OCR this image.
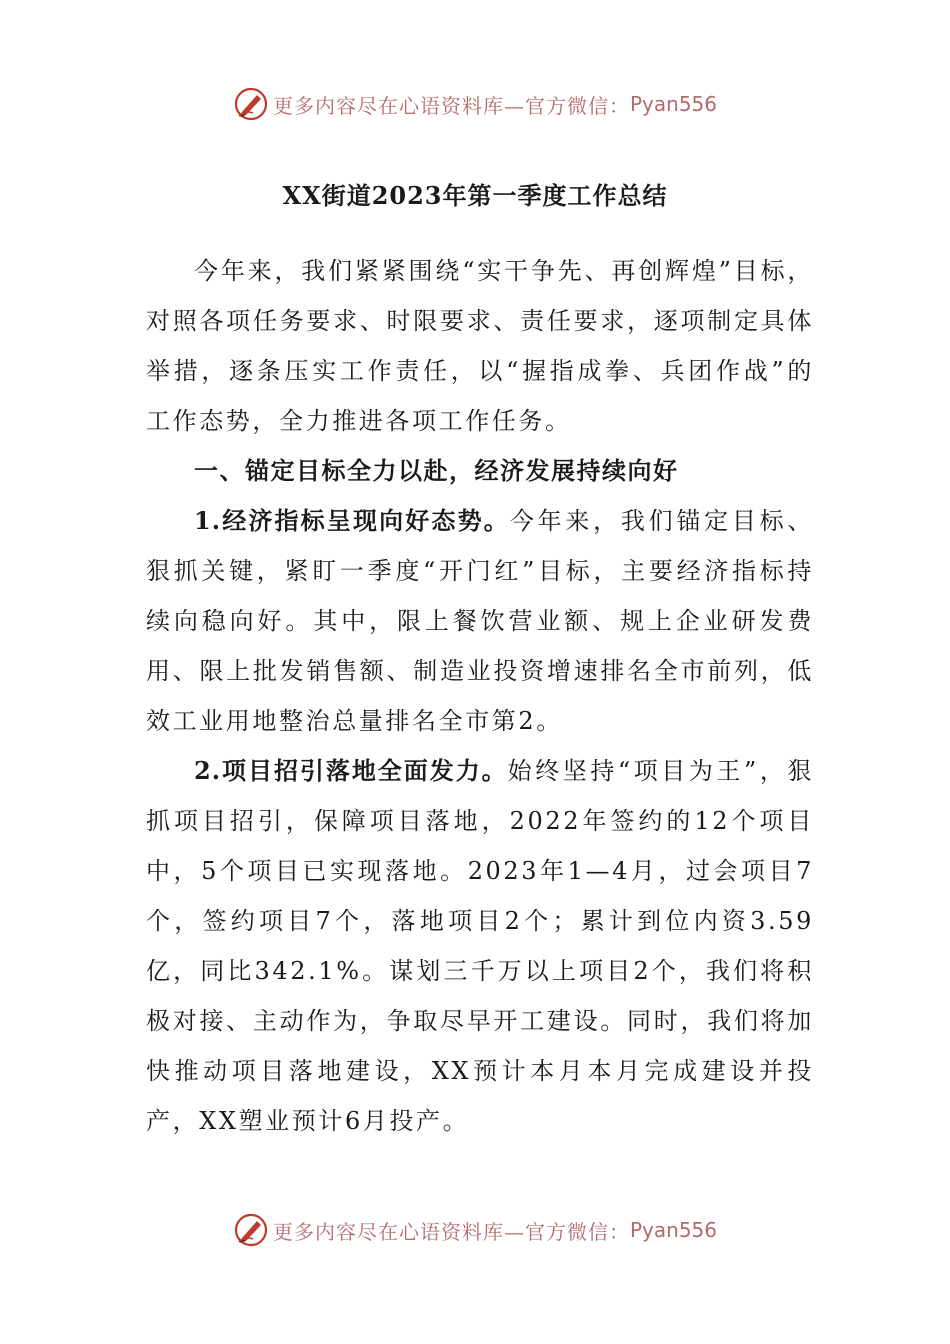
更多内容尽在心语资料库—官方微信： Pyan556
XX街道2023年第一季度工作总结

今年来，我们紧紧围绕“实干争先、再创辉煌”目标，对照各项任务要求、时限要求、责任要求，逐项制定具体举措，逐条压实工作责任，以“握指成拳、兵团作战”的工作态势，全力推进各项工作任务。

一、锚定目标全力以赴，经济发展持续向好

1.经济指标呈现向好态势。今年来，我们锚定目标、狠抓关键，紧盯一季度“开门红”目标，主要经济指标持续向稳向好。其中，限上餐饮营业额、规上企业研发费用、限上批发销售额、制造业投资增速排名全市前列，低效工业用地整治总量排名全市第2。

2.项目招引落地全面发力。始终坚持“项目为王”，狠抓项目招引，保障项目落地，2022年签约的12个项目中，5个项目已实现落地。2023年1—4月，过会项目7个，签约项目7个，落地项目2个；累计到位内资3.59亿，同比342.1%。谋划三千万以上项目2个，我们将积极对接、主动作为，争取尽早开工建设。同时，我们将加快推动项目落地建设，XX预计本月本月完成建设并投产，XX塑业预计6月投产。

更多内容尽在心语资料库—官方微信： Pyan556
